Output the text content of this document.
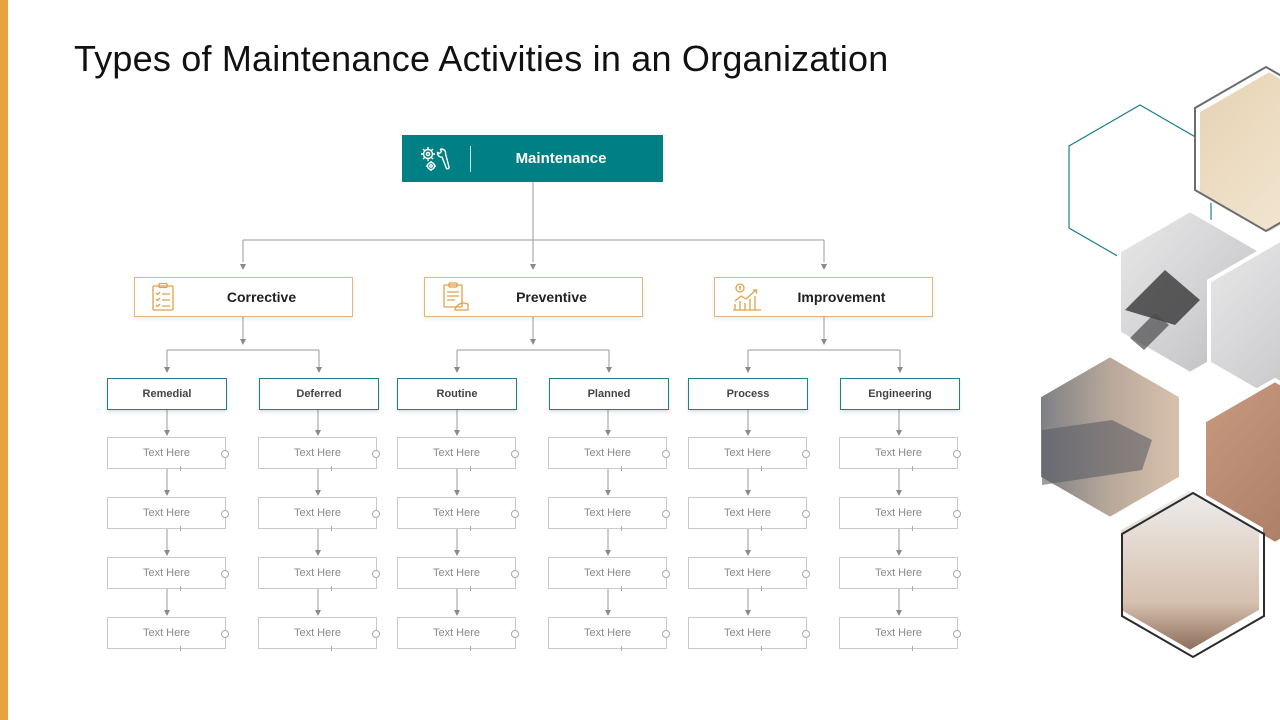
Types of Maintenance Activities in an Organization
Maintenance
Corrective	Preventive	Improvement
Remedial	Deferred	Routine	Planned	Process	Engineering
Text Here
Text Here
Text Here
Text Here
Text Here
Text Here
Text Here
Text Here
Text Here
Text Here
Text Here
Text Here
Text Here
Text Here
Text Here
Text Here
Text Here
Text Here
Text Here
Text Here
Text Here
Text Here
Text Here
Text Here
